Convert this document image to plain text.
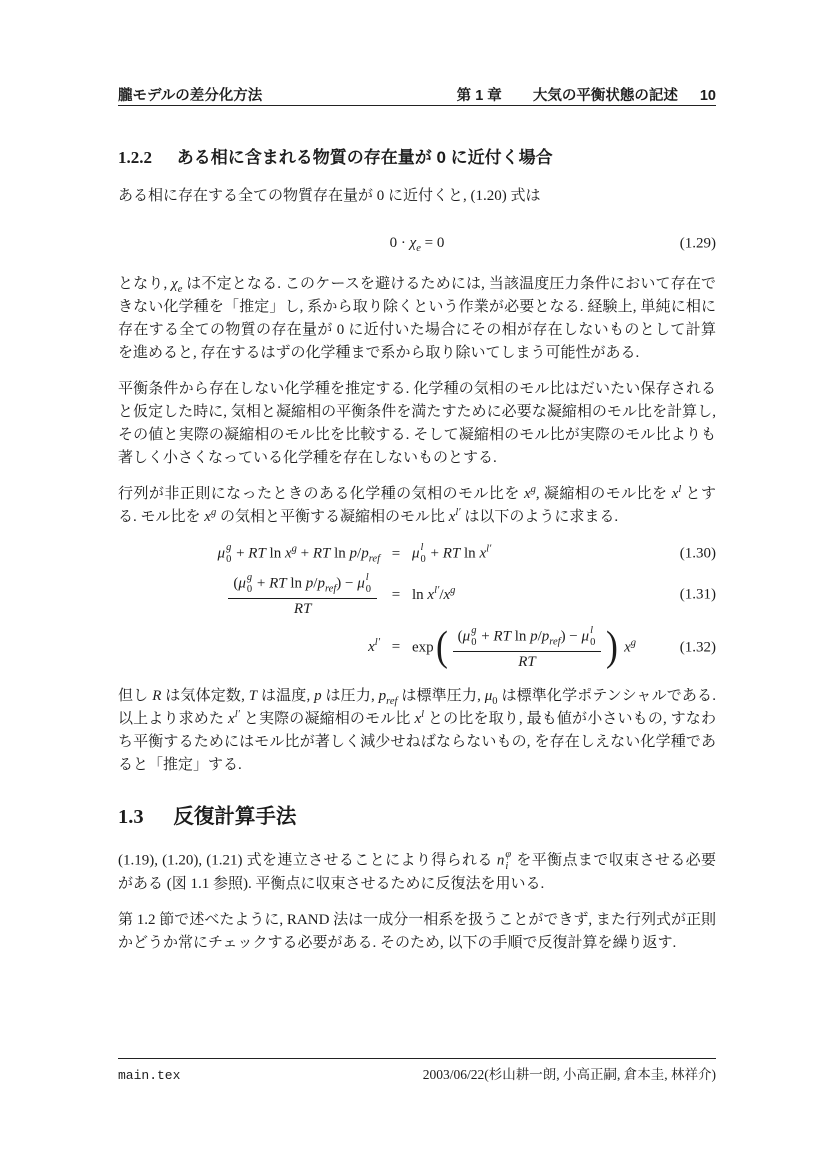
朧モデルの差分化方法	第 1 章 大気の平衡状態の記述 10
1.2.2 ある相に含まれる物質の存在量が 0 に近付く場合

ある相に存在する全ての物質存在量が 0 に近付くと, (1.20) 式は

$0 \cdot \chi_e = 0$	(1.29)

となり, $\chi_e$ は不定となる. このケースを避けるためには, 当該温度圧力条件において存在できない化学種を「推定」し, 系から取り除くという作業が必要となる. 経験上, 単純に相に存在する全ての物質の存在量が 0 に近付いた場合にその相が存在しないものとして計算を進めると, 存在するはずの化学種まで系から取り除いてしまう可能性がある.

平衡条件から存在しない化学種を推定する. 化学種の気相のモル比はだいたい保存されると仮定した時に, 気相と凝縮相の平衡条件を満たすために必要な凝縮相のモル比を計算し, その値と実際の凝縮相のモル比を比較する. そして凝縮相のモル比が実際のモル比よりも著しく小さくなっている化学種を存在しないものとする.

行列が非正則になったときのある化学種の気相のモル比を $x^g$, 凝縮相のモル比を $x^l$ とする. モル比を $x^g$ の気相と平衡する凝縮相のモル比 $x^{l'}$ は以下のように求まる.

μ g
0 + RT $\ln x^g$ + RT $\ln p/p_{ref} = \mu$ l
0 + RT $\ln x^{l'}$	(1.30)
(μ g
0 + RT $\ln p/p_{ref}) - \mu$ l
0
RT = $\ln x^{l'}/x^g$	(1.31)
$x^{l'} = \exp$ ( (μ g
0 + RT $\ln p/p_{ref}) - \mu$ l
0
RT ) $x^g$	(1.32)

但し R は気体定数, T は温度, p は圧力, $p_{ref}$ は標準圧力, $\mu_0$ は標準化学ポテンシャルである. 以上より求めた $x^{l'}$ と実際の凝縮相のモル比 $x^l$ との比を取り, 最も値が小さいもの, すなわち平衡するためにはモル比が著しく減少せねばならないもの, を存在しえない化学種であると「推定」する.

1.3 反復計算手法

(1.19), (1.20), (1.21) 式を連立させることにより得られる n φ
i を平衡点まで収束させる必要がある (図 1.1 参照). 平衡点に収束させるために反復法を用いる.

第 1.2 節で述べたように, RAND 法は一成分一相系を扱うことができず, また行列式が正則かどうか常にチェックする必要がある. そのため, 以下の手順で反復計算を繰り返す.

main.tex	2003/06/22(杉山耕一朗, 小高正嗣, 倉本圭, 林祥介)
